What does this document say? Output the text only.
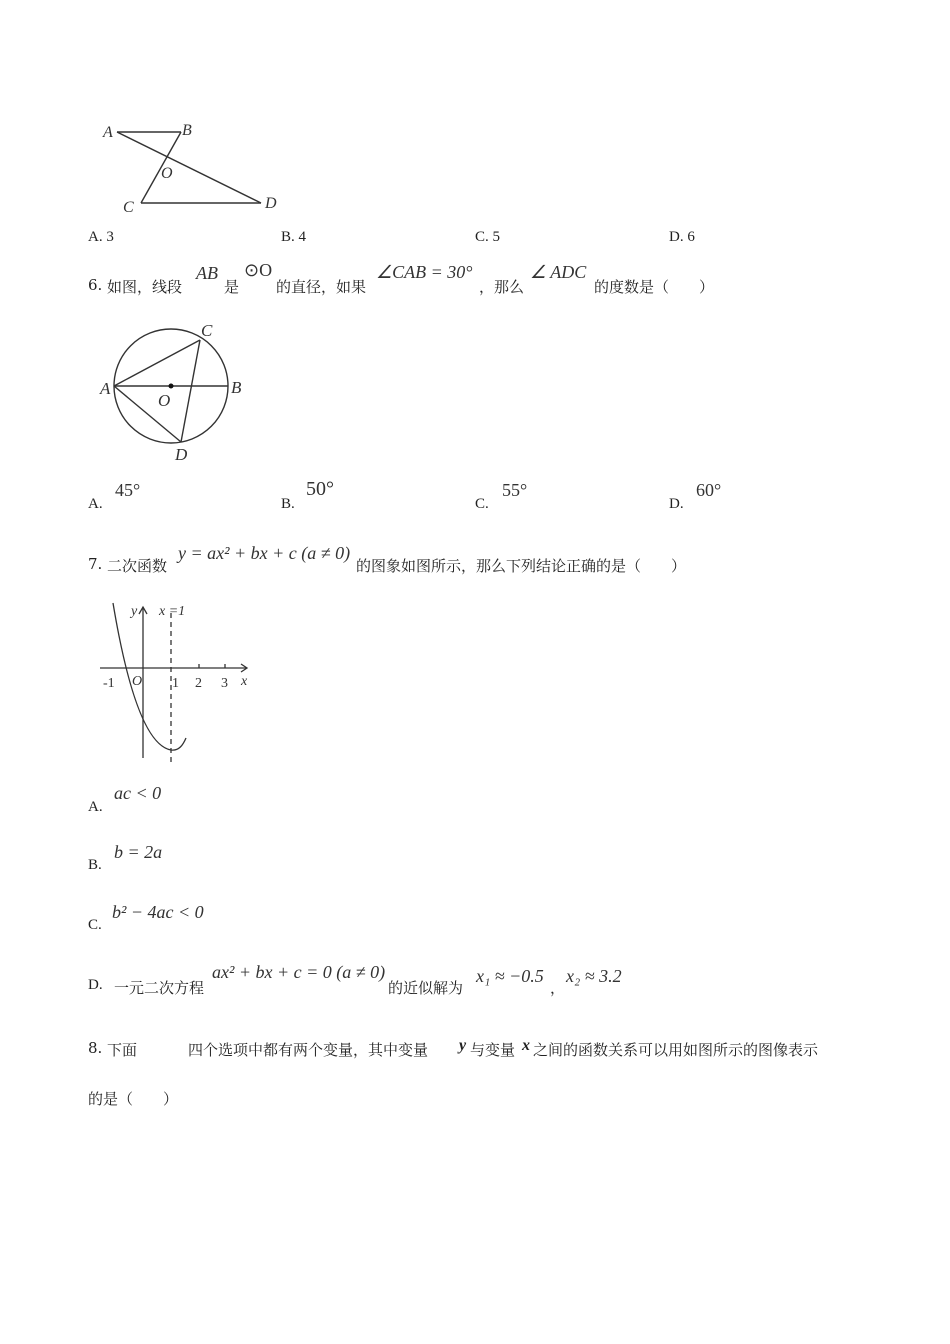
A	B
O
C	D
A. 3	B. 4	C. 5	D. 6
6. 如图，线段
AB
是
⊙O
的直径，如果
∠CAB = 30°
，那么
∠ ADC
的度数是（　　）
A	B
C
D
O
A.
45°
B.
50°
C.
55°
D.
60°
7. 二次函数
y = ax² + bx + c (a ≠ 0)
的图象如图所示，那么下列结论正确的是（　　）
y x =1
-1 O 1 2 3 x
A.
ac < 0
B.
b = 2a
C.
b² − 4ac < 0
D. 一元二次方程
ax² + bx + c = 0 (a ≠ 0)
的近似解为
x₁ ≈ −0.5
，
x₂ ≈ 3.2
8. 下面	四个选项中都有两个变量，其中变量 y 与变量 x 之间的函数关系可以用如图所示的图像表示
的是（　　）
